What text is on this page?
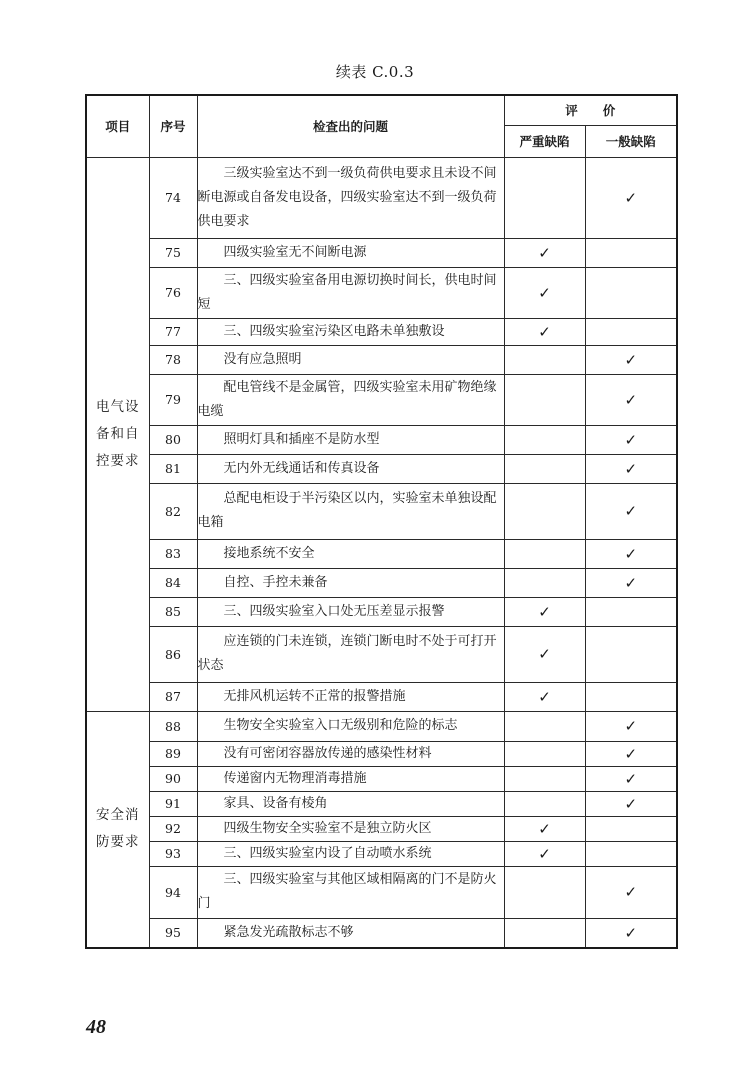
续表 C.0.3
项目	序号	检查出的问题	评　　价	
			严重缺陷	一般缺陷

电气设
备和自
控要求	74	三级实验室达不到一级负荷供电要求且未设不间断电源或自备发电设备，四级实验室达不到一级负荷供电要求		✓
	75	四级实验室无不间断电源	✓	
	76	三、四级实验室备用电源切换时间长，供电时间短	✓	
	77	三、四级实验室污染区电路未单独敷设	✓	
	78	没有应急照明		✓
	79	配电管线不是金属管，四级实验室未用矿物绝缘电缆		✓
	80	照明灯具和插座不是防水型		✓
	81	无内外无线通话和传真设备		✓
	82	总配电柜设于半污染区以内，实验室未单独设配电箱		✓
	83	接地系统不安全		✓
	84	自控、手控未兼备		✓
	85	三、四级实验室入口处无压差显示报警	✓	
	86	应连锁的门未连锁，连锁门断电时不处于可打开状态	✓	
	87	无排风机运转不正常的报警措施	✓	

安全消
防要求	88	生物安全实验室入口无级别和危险的标志		✓
	89	没有可密闭容器放传递的感染性材料		✓
	90	传递窗内无物理消毒措施		✓
	91	家具、设备有棱角		✓
	92	四级生物安全实验室不是独立防火区	✓	
	93	三、四级实验室内设了自动喷水系统	✓	
	94	三、四级实验室与其他区域相隔离的门不是防火门		✓
	95	紧急发光疏散标志不够		✓
48
